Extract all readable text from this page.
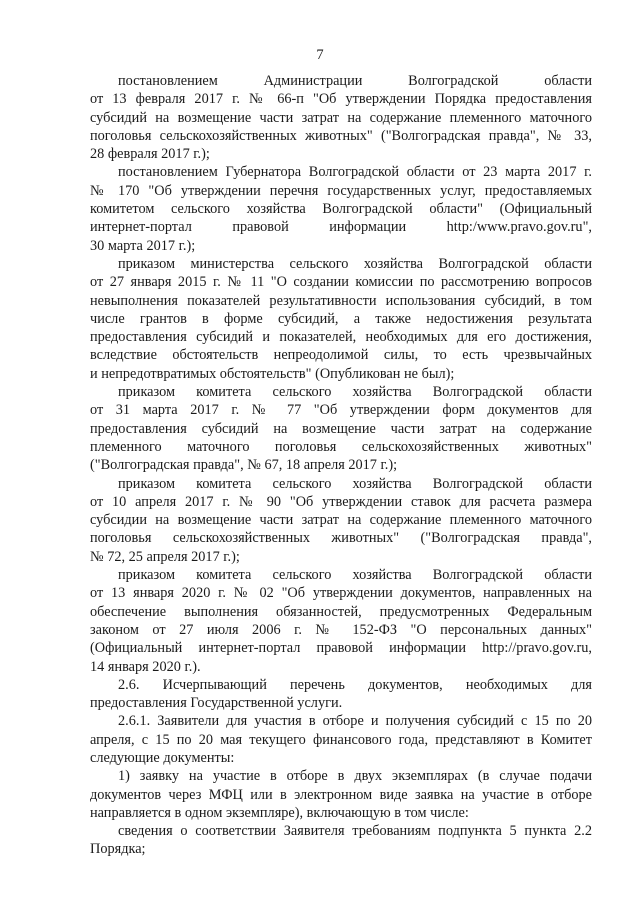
7

постановлением Администрации Волгоградской области
от 13 февраля 2017 г. № 66-п "Об утверждении Порядка предоставления
субсидий на возмещение части затрат на содержание племенного маточного
поголовья сельскохозяйственных животных" ("Волгоградская правда", № 33,
28 февраля 2017 г.);

постановлением Губернатора Волгоградской области от 23 марта 2017 г.
№ 170 "Об утверждении перечня государственных услуг, предоставляемых
комитетом сельского хозяйства Волгоградской области" (Официальный
интернет-портал правовой информации http:/www.pravo.gov.ru",
30 марта 2017 г.);

приказом министерства сельского хозяйства Волгоградской области
от 27 января 2015 г. № 11 "О создании комиссии по рассмотрению вопросов
невыполнения показателей результативности использования субсидий, в том
числе грантов в форме субсидий, а также недостижения результата
предоставления субсидий и показателей, необходимых для его достижения,
вследствие обстоятельств непреодолимой силы, то есть чрезвычайных
и непредотвратимых обстоятельств" (Опубликован не был);

приказом комитета сельского хозяйства Волгоградской области
от 31 марта 2017 г. № 77 "Об утверждении форм документов для
предоставления субсидий на возмещение части затрат на содержание
племенного маточного поголовья сельскохозяйственных животных"
("Волгоградская правда", № 67, 18 апреля 2017 г.);

приказом комитета сельского хозяйства Волгоградской области
от 10 апреля 2017 г. № 90 "Об утверждении ставок для расчета размера
субсидии на возмещение части затрат на содержание племенного маточного
поголовья сельскохозяйственных животных" ("Волгоградская правда",
№ 72, 25 апреля 2017 г.);

приказом комитета сельского хозяйства Волгоградской области
от 13 января 2020 г. № 02 "Об утверждении документов, направленных на
обеспечение выполнения обязанностей, предусмотренных Федеральным
законом от 27 июля 2006 г. № 152-ФЗ "О персональных данных"
(Официальный интернет-портал правовой информации http://pravo.gov.ru,
14 января 2020 г.).

2.6. Исчерпывающий перечень документов, необходимых для
предоставления Государственной услуги.

2.6.1. Заявители для участия в отборе и получения субсидий с 15 по 20
апреля, с 15 по 20 мая текущего финансового года, представляют в Комитет
следующие документы:

1) заявку на участие в отборе в двух экземплярах (в случае подачи
документов через МФЦ или в электронном виде заявка на участие в отборе
направляется в одном экземпляре), включающую в том числе:

сведения о соответствии Заявителя требованиям подпункта 5 пункта 2.2
Порядка;
